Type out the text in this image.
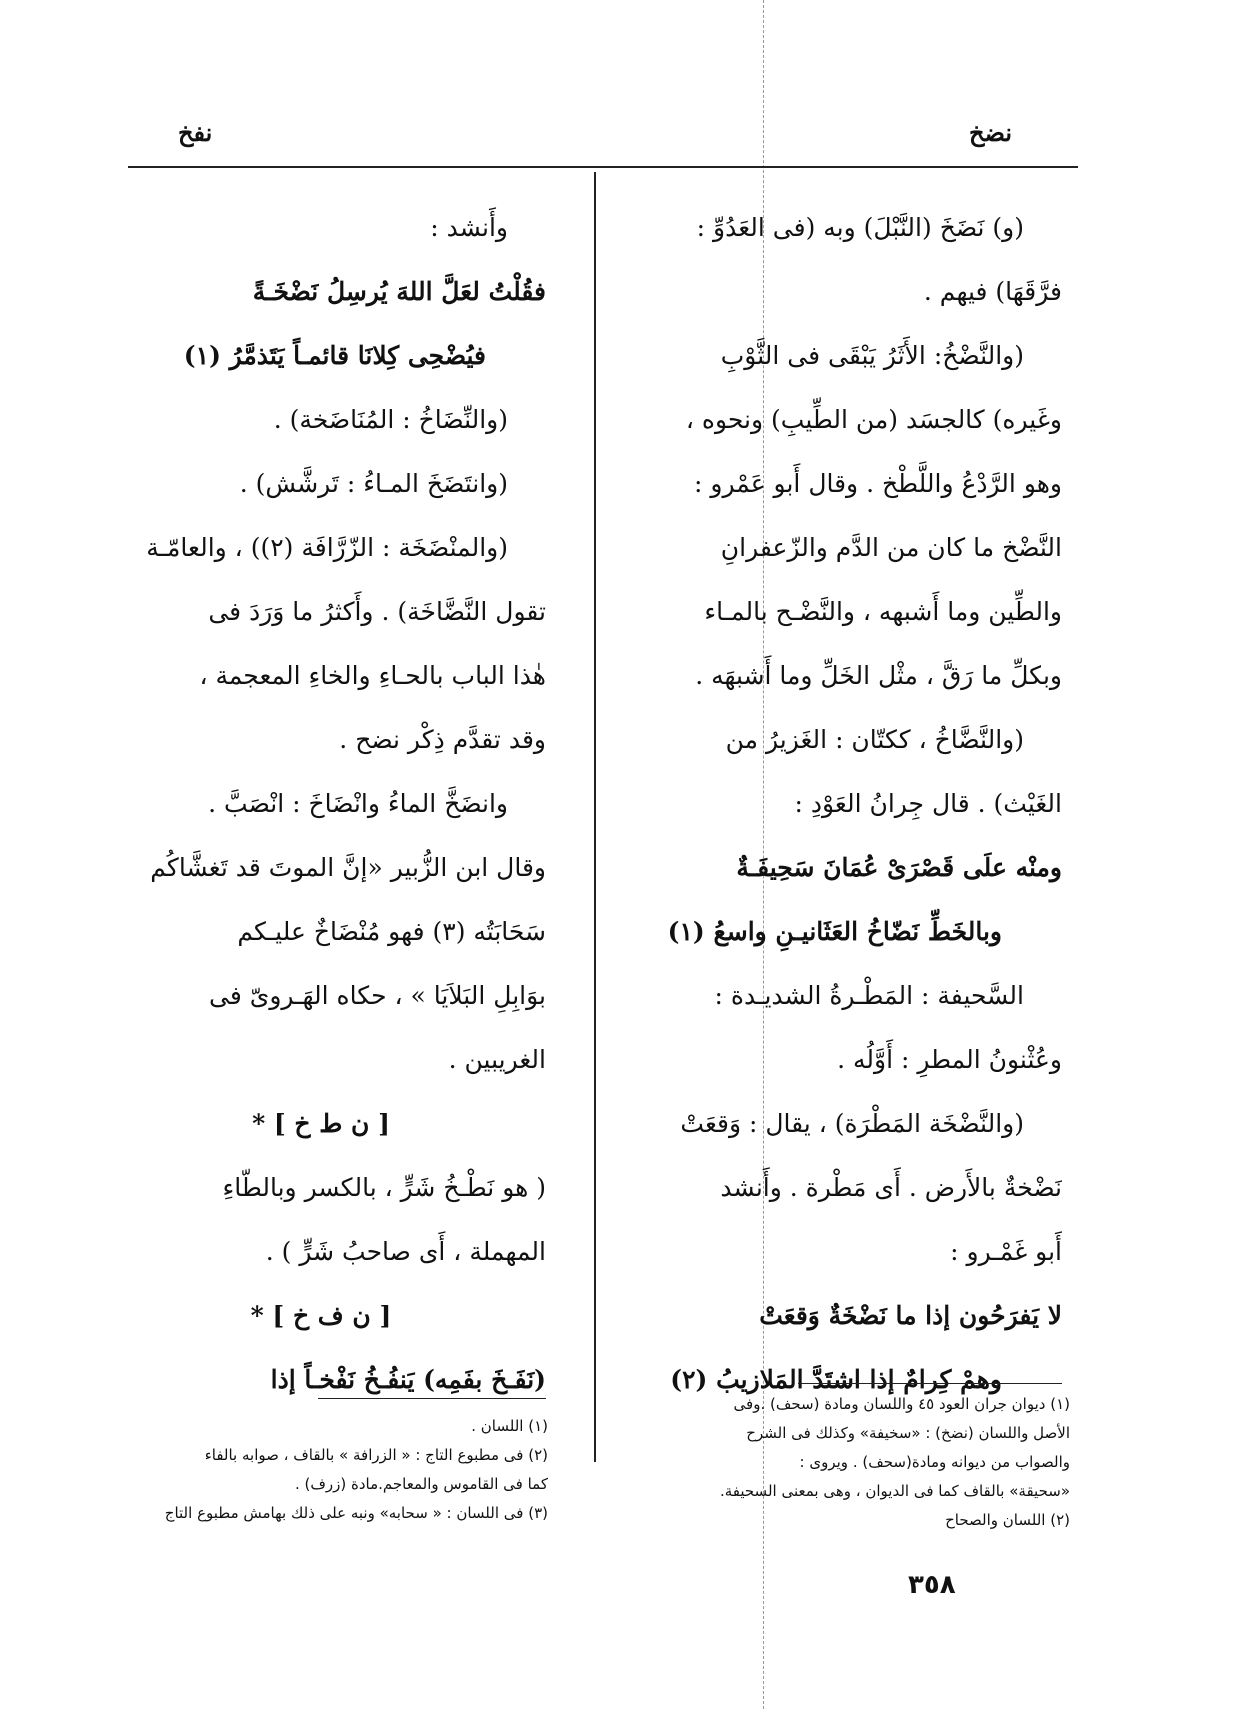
نفخ	نضخ
(و) نَضَخَ (النَّبْلَ) وبه (فى العَدُوِّ :
فرَّقَهَا) فيهم .
(والنَّضْخُ: الأَثَرُ يَبْقَى فى الثَّوْبِ
وغَيره) كالجسَد (من الطِّيبِ) ونحوه ،
وهو الرَّدْعُ واللَّطْخ . وقال أَبو عَمْرو :
النَّضْخ ما كان من الدَّم والزّعفرانِ
والطِّين وما أَشبهه ، والنَّضْـح بالمـاء
وبكلِّ ما رَقَّ ، مثْل الخَلِّ وما أَشبهَه .
(والنَّضَّاخُ ، ككتّان : الغَزيرُ من
الغَيْث) . قال جِرانُ العَوْدِ :
ومنْه علَى قَصْرَىْ عُمَانَ سَحِيفَـةٌ
وبالخَطِّ نَضّاخُ العَثَانيـنِ واسعُ (١)
السَّحيفة : المَطْـرةُ الشديـدة :
وعُثْنونُ المطرِ : أَوَّلُه .
(والنَّضْخَة المَطْرَة) ، يقال : وَقعَتْ
نَضْخةٌ بالأَرض . أَى مَطْرة . وأَنشد
أَبو غَمْـرو :
لا يَفرَحُون إذا ما نَضْخَةٌ وَقعَتْ
وهمْ كِرامٌ إذا اشتَدَّ المَلازيبُ (٢)
وأَنشد :
فقُلْتُ لعَلَّ اللهَ يُرسِلُ نَضْخَـةً
فيُضْحِى كِلانَا قائمـاً يَتَذمَّرُ (١)
(والنِّضَاخُ : المُنَاضَخة) .
(وانتَضَخَ المـاءُ : تَرشَّش) .
(والمنْضَخَة : الزّرَّافَة (٢)) ، والعامّـة
تقول النَّضَّاخَة) . وأَكثرُ ما وَرَدَ فى
هٰذا الباب بالحـاءِ والخاءِ المعجمة ،
وقد تقدَّم ذِكْر نضح .
وانضَخَّ الماءُ وانْضَاخَ : انْصَبَّ .
وقال ابن الزُّبير «إنَّ الموتَ قد تَغشَّاكُم
سَحَابَتُه (٣) فهو مُنْضَاخٌ عليـكم
بوَابِلِ البَلاَيَا » ، حكاه الهَـروىّ فى
الغريبين .
[ ن ط خ ] *
( هو نَطْـخُ شَرٍّ ، بالكسر وبالطّاءِ
المهملة ، أَى صاحبُ شَرٍّ ) .
[ ن ف خ ] *
(نَفَـخَ بفَمِه) يَنفُـخُ نَفْخـاً إذا
(١) ديوان جران العود ٤٥ واللسان ومادة (سحف) .وفى
الأصل واللسان (نضخ) : «سخيفة» وكذلك فى الشرح
والصواب من ديوانه ومادة(سحف) . ويروى :
«سحيقة» بالقاف كما فى الديوان ، وهى بمعنى السحيفة.
(٢) اللسان والصحاح
(١) اللسان .
(٢) فى مطبوع التاج : « الزرافة » بالقاف ، صوابه بالفاء
كما فى القاموس والمعاجم.مادة (زرف) .
(٣) فى اللسان : « سحابه» ونبه على ذلك بهامش مطبوع التاج
٣٥٨
